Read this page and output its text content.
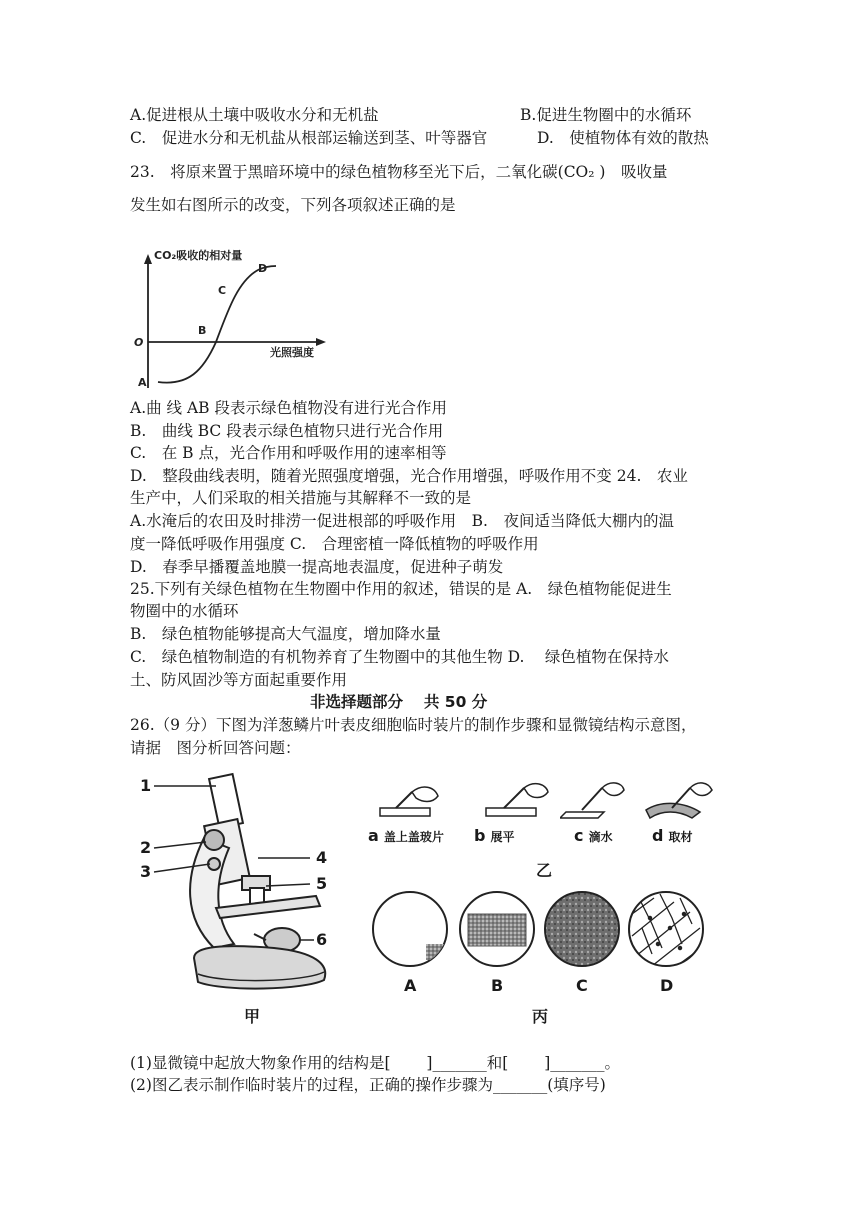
A.促进根从土壤中吸收水分和无机盐	B.促进生物圈中的水循环
C.　促进水分和无机盐从根部运输送到茎、叶等器官	D.　使植物体有效的散热
23.　将原来置于黑暗环境中的绿色植物移至光下后，二氧化碳(CO₂ )　吸收量
发生如右图所示的改变，下列各项叙述正确的是
CO₂吸收的相对量
光照强度
O
A
B
C
D
A.曲 线 AB 段表示绿色植物没有进行光合作用
B.　曲线 BC 段表示绿色植物只进行光合作用
C.　在 B 点，光合作用和呼吸作用的速率相等
D.　整段曲线表明，随着光照强度增强，光合作用增强，呼吸作用不变 24.　农业
生产中，人们采取的相关措施与其解释不一致的是
A.水淹后的农田及时排涝一促进根部的呼吸作用　B.　夜间适当降低大棚内的温
度一降低呼吸作用强度 C.　合理密植一降低植物的呼吸作用
D.　春季早播覆盖地膜一提高地表温度，促进种子萌发
25.下列有关绿色植物在生物圈中作用的叙述，错误的是 A.　绿色植物能促进生
物圈中的水循环
B.　绿色植物能够提高大气温度，增加降水量
C.　绿色植物制造的有机物养育了生物圈中的其他生物 D.　 绿色植物在保持水
土、防风固沙等方面起重要作用
非选择题部分　 共 50 分
26.（9 分）下图为洋葱鳞片叶表皮细胞临时装片的制作步骤和显微镜结构示意图，
请据　图分析回答问题：
1
2
3
4
5
6
甲
a 盖上盖玻片 b 展平	c 滴水 d 取材
乙
A	B	C	D
丙
(1)显微镜中起放大物象作用的结构是[　　 ]_______和[　　 ]_______。
(2)图乙表示制作临时装片的过程，正确的操作步骤为_______(填序号)
